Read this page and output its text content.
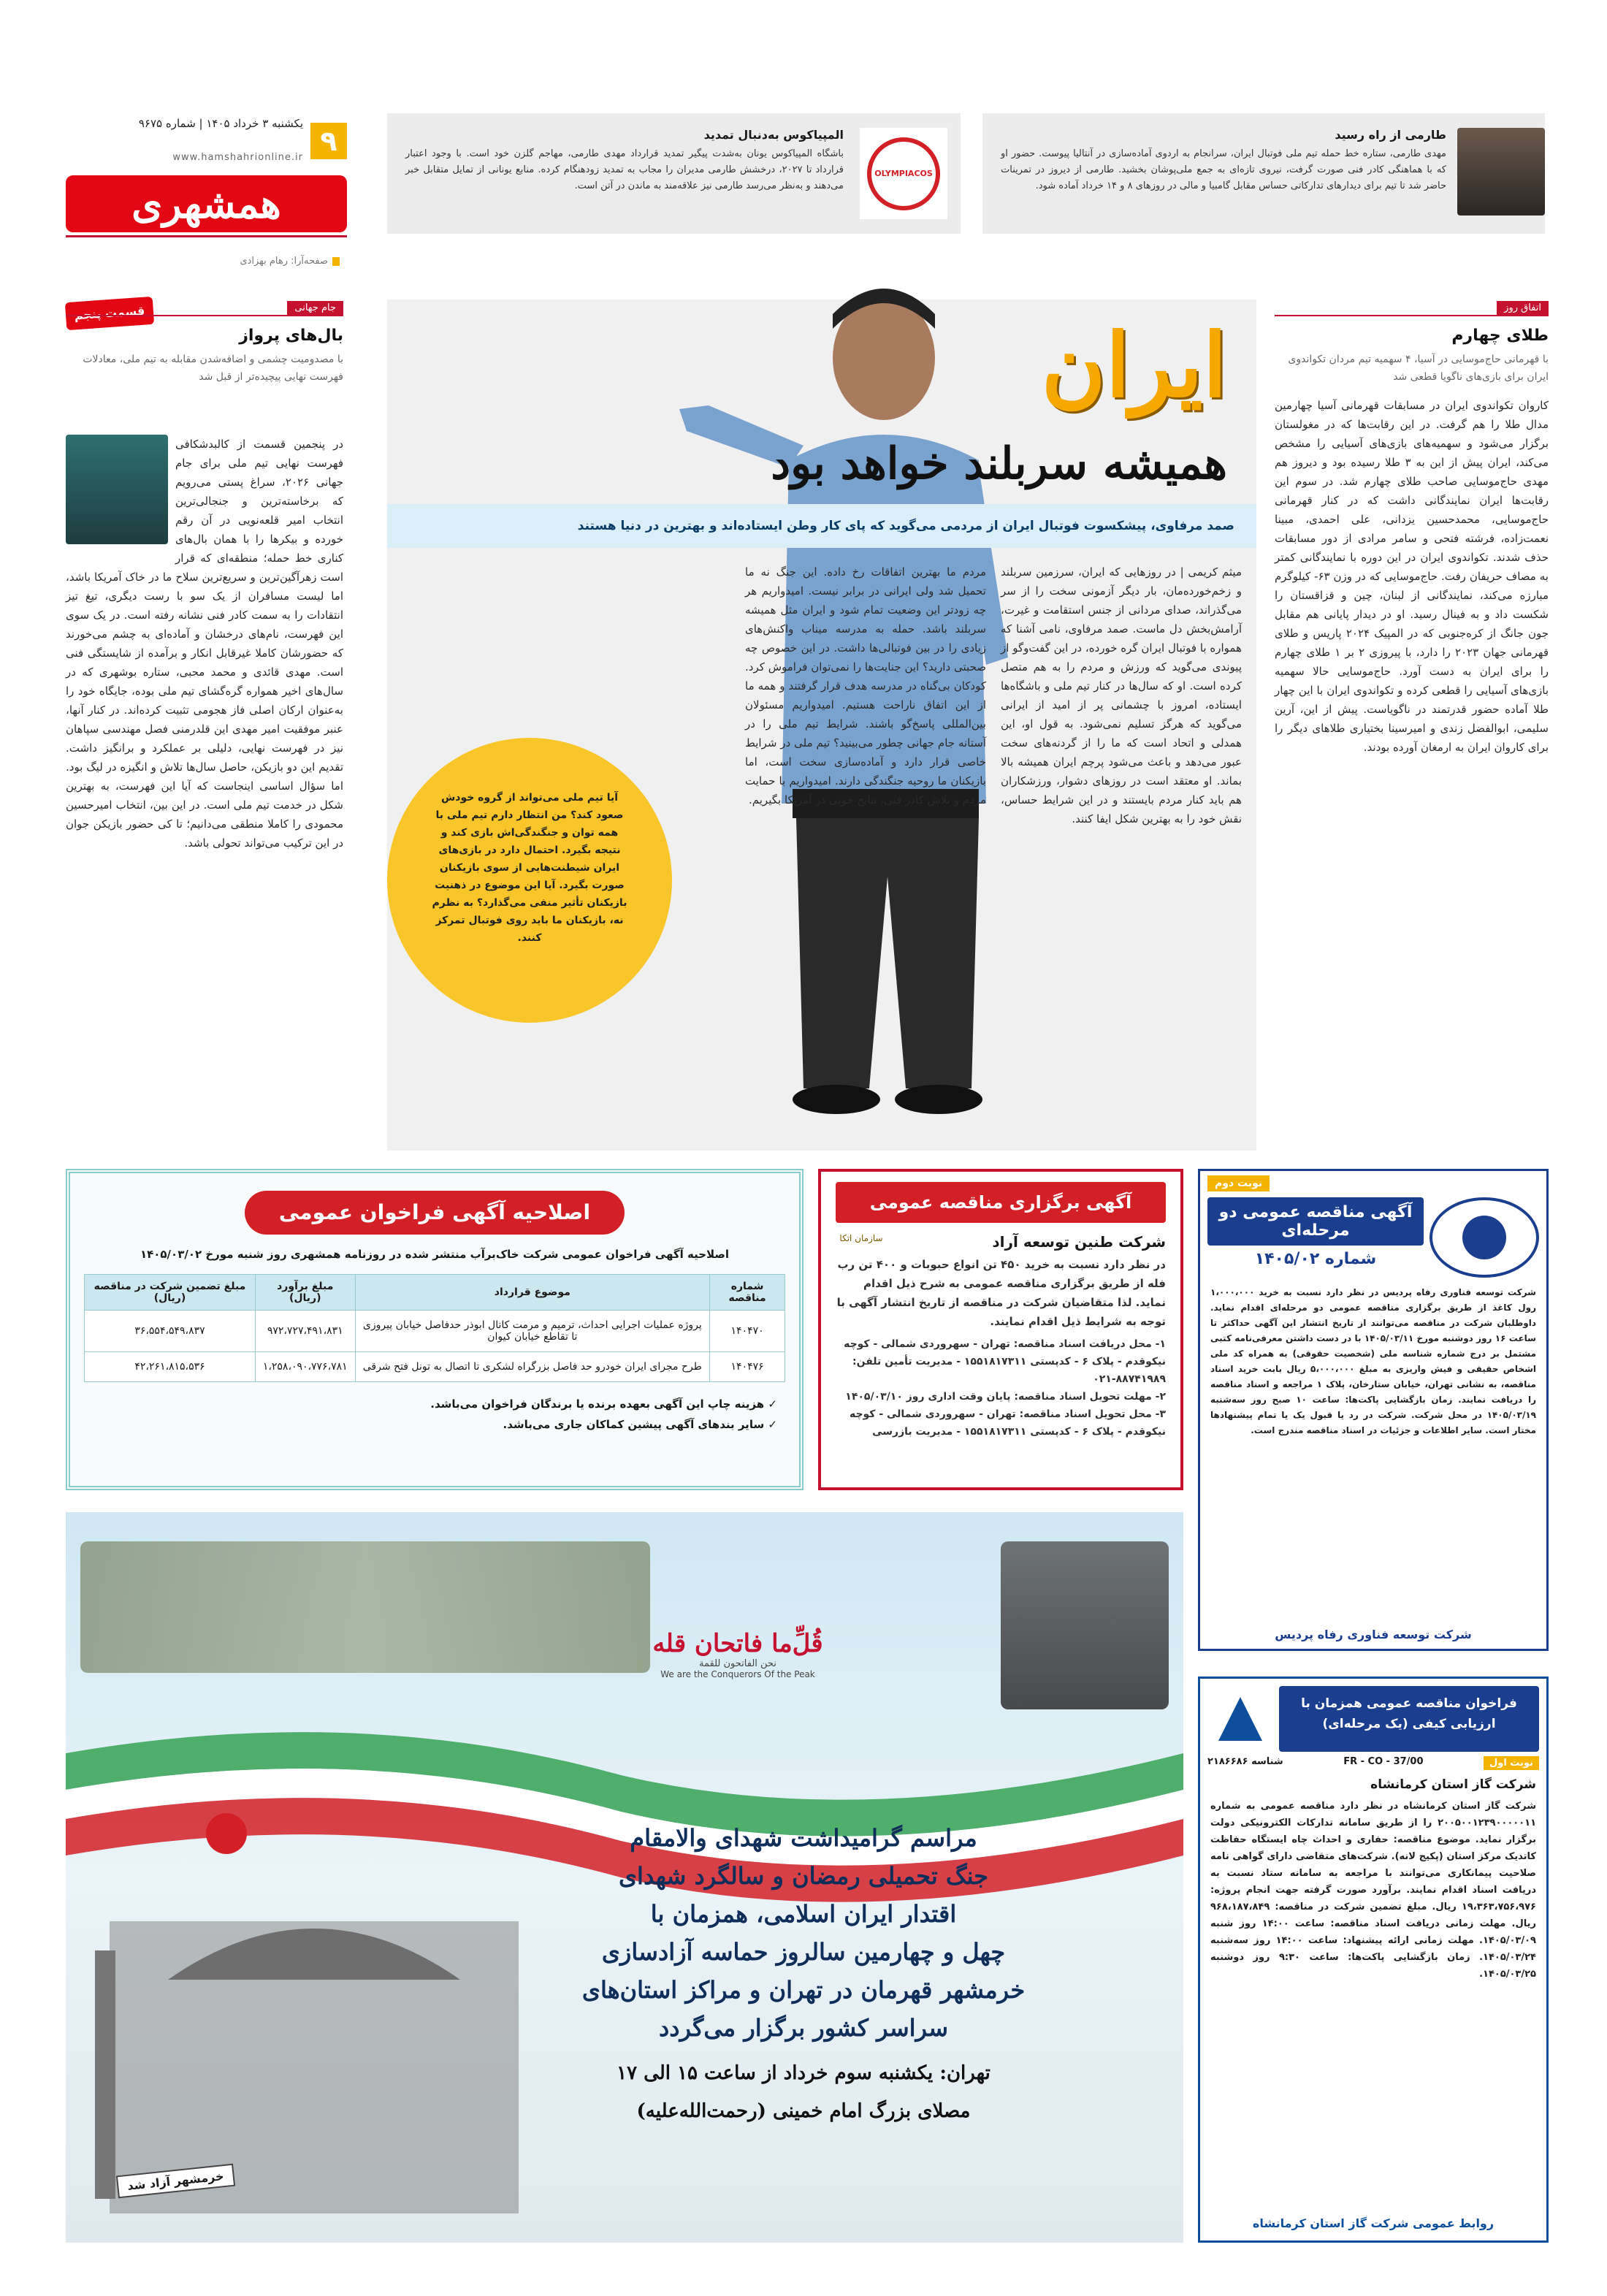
۹
یکشنبه ۳ خرداد ۱۴۰۵ | شماره ۹۶۷۵
www.hamshahrionline.ir
همشهری
طارمی از راه رسید

مهدی طارمی، ستاره خط حمله تیم ملی فوتبال ایران، سرانجام به اردوی آماده‌سازی در آنتالیا پیوست. حضور او که با هماهنگی کادر فنی صورت گرفت، نیروی تازه‌ای به جمع ملی‌پوشان بخشید. طارمی از دیروز در تمرینات حاضر شد تا تیم برای دیدارهای تدارکاتی حساس مقابل گامبیا و مالی در روزهای ۸ و ۱۴ خرداد آماده شود.

OLYMPIACOS
المپیاکوس به‌دنبال تمدید

باشگاه المپیاکوس یونان به‌شدت پیگیر تمدید قرارداد مهدی طارمی، مهاجم گلزن خود است. با وجود اعتبار قرارداد تا ۲۰۲۷، درخشش طارمی مدیران را مجاب به تمدید زودهنگام کرده. منابع یونانی از تمایل متقابل خبر می‌دهند و به‌نظر می‌رسد طارمی نیز علاقه‌مند به ماندن در آتن است.

صفحه‌آرا: رهام بهزادی
اتفاق روز
طلای چهارم
با قهرمانی حاج‌موسایی در آسیا، ۴ سهمیه تیم مردان تکواندوی ایران برای بازی‌های ناگویا قطعی شد
کاروان تکواندوی ایران در مسابقات قهرمانی آسیا چهارمین مدال طلا را هم گرفت. در این رقابت‌ها که در مغولستان برگزار می‌شود و سهمیه‌های بازی‌های آسیایی را مشخص می‌کند، ایران پیش از این به ۳ طلا رسیده بود و دیروز هم مهدی حاج‌موسایی صاحب طلای چهارم شد. در سوم این رقابت‌ها ایران نمایندگانی داشت که در کنار قهرمانی حاج‌موسایی، محمدحسین یزدانی، علی احمدی، مبینا نعمت‌زاده، فرشته فتحی و سامر مرادی از دور مسابقات حذف شدند. تکواندوی ایران در این دوره با نمایندگانی کمتر به مصاف حریفان رفت. حاج‌موسایی که در وزن ۶۳- کیلوگرم مبارزه می‌کند، نمایندگانی از لبنان، چین و قزاقستان را شکست داد و به فینال رسید. او در دیدار پایانی هم مقابل جون جانگ از کره‌جنوبی که در المپیک ۲۰۲۴ پاریس و طلای قهرمانی جهان ۲۰۲۳ را دارد، با پیروزی ۲ بر ۱ طلای چهارم را برای ایران به دست آورد. حاج‌موسایی حالا سهمیه بازی‌های آسیایی را قطعی کرده و تکواندوی ایران با این چهار طلا آماده حضور قدرتمند در ناگویاست. پیش از این، آرین سلیمی، ابوالفضل زندی و امیرسینا بختیاری طلاهای دیگر را برای کاروان ایران به ارمغان آورده بودند.
قسمت پنجم	جام جهانی
بال‌های پرواز
با مصدومیت چشمی و اضافه‌شدن مقابله به تیم ملی، معادلات فهرست نهایی پیچیده‌تر از قبل شد
در پنجمین قسمت از کالبدشکافی فهرست نهایی تیم ملی برای جام جهانی ۲۰۲۶، سراغ پستی می‌رویم که برخاسته‌ترین و جنجالی‌ترین انتخاب امیر قلعه‌نویی در آن رقم خورده و بیکرها را با همان بال‌های کناری خط حمله؛ منطقه‌ای که قرار است زهرآگین‌ترین و سریع‌ترین سلاح ما در خاک آمریکا باشد، اما لیست مسافران از یک سو با رست دیگری، تیغ تیز انتقادات را به سمت کادر فنی نشانه رفته است. در یک سوی این فهرست، نام‌های درخشان و آماده‌ای به چشم می‌خورند که حضورشان کاملا غیرقابل انکار و برآمده از شایستگی فنی است. مهدی قائدی و محمد محبی، ستاره بوشهری که در سال‌های اخیر همواره گره‌گشای تیم ملی بوده، جایگاه خود را به‌عنوان ارکان اصلی فاز هجومی تثبیت کرده‌اند. در کنار آنها، عنبر موفقیت امیر مهدی این قلدرمنی فصل مهندسی سپاهان نیز در فهرست نهایی، دلیلی بر عملکرد و برانگیز داشت. تقدیم این دو بازیکن، حاصل سال‌ها تلاش و انگیزه در لیگ بود. اما سؤال اساسی اینجاست که آیا این فهرست، به بهترین شکل در خدمت تیم ملی است. در این بین، انتخاب امیرحسین محمودی را کاملا منطقی می‌دانیم؛ تا کی حضور بازیکن جوان در این ترکیب می‌تواند تحولی باشد.
ایران
همیشه سربلند خواهد بود
صمد مرفاوی، پیشکسوت فوتبال ایران از مردمی می‌گوید که پای کار وطن ایستاده‌اند و بهترین در دنیا هستند
میثم کریمی | در روزهایی که ایران، سرزمین سربلند و زخم‌خورده‌مان، بار دیگر آزمونی سخت را از سر می‌گذراند، صدای مردانی از جنس استقامت و غیرت، آرامش‌بخش دل ماست. صمد مرفاوی، نامی آشنا که همواره با فوتبال ایران گره خورده، در این گفت‌وگو از پیوندی می‌گوید که ورزش و مردم را به هم متصل کرده است. او که سال‌ها در کنار تیم ملی و باشگاه‌ها ایستاده، امروز با چشمانی پر از امید از ایرانی می‌گوید که هرگز تسلیم نمی‌شود. به قول او، این همدلی و اتحاد است که ما را از گردنه‌های سخت عبور می‌دهد و باعث می‌شود پرچم ایران همیشه بالا بماند. او معتقد است در روزهای دشوار، ورزشکاران هم باید کنار مردم بایستند و در این شرایط حساس، نقش خود را به بهترین شکل ایفا کنند.
مردم ما بهترین اتفاقات رخ داده. این جنگ نه ما تحمیل شد ولی ایرانی در برابر نیست. امیدواریم هر چه زودتر این وضعیت تمام شود و ایران مثل همیشه سربلند باشد. حمله به مدرسه میناب واکنش‌های زیادی را در بین فوتبالی‌ها داشت. در این خصوص چه صحبتی دارید؟ این جنایت‌ها را نمی‌توان فراموش کرد. کودکان بی‌گناه در مدرسه هدف قرار گرفتند و همه ما از این اتفاق ناراحت هستیم. امیدواریم مسئولان بین‌المللی پاسخ‌گو باشند. شرایط تیم ملی را در آستانه جام جهانی چطور می‌بینید؟ تیم ملی در شرایط خاصی قرار دارد و آماده‌سازی سخت است، اما بازیکنان ما روحیه جنگندگی دارند. امیدواریم با حمایت مردم و تلاش کادر فنی، نتایج خوبی در آمریکا بگیریم.
آیا تیم ملی می‌تواند از گروه خودش صعود کند؟ من انتظار دارم تیم ملی با همه توان و جنگندگی‌اش بازی کند و نتیجه بگیرد. احتمال دارد در بازی‌های ایران شیطنت‌هایی از سوی بازیکنان صورت بگیرد. آیا این موضوع در ذهنیت بازیکنان تأثیر منفی می‌گذارد؟ به نظرم نه، بازیکنان ما باید روی فوتبال تمرکز کنند.
اصلاحیه آگهی فراخوان عمومی
اصلاحیه آگهی فراخوان عمومی شرکت خاک‌برآب منتشر شده در روزنامه همشهری روز شنبه مورخ ۱۴۰۵/۰۳/۰۲
شماره مناقصه	موضوع قرارداد	مبلغ برآورد (ریال)	مبلغ تضمین شرکت در مناقصه (ریال)
۱۴۰۴۷۰	پروژه عملیات اجرایی احداث، ترمیم و مرمت کانال ابوذر حدفاصل خیابان پیروزی تا تقاطع خیابان کیوان	۹۷۲،۷۲۷،۴۹۱،۸۳۱	۳۶،۵۵۴،۵۴۹،۸۳۷
۱۴۰۴۷۶	طرح مجرای ایران خودرو حد فاصل بزرگراه لشکری تا اتصال به تونل فتح شرقی	۱،۲۵۸،۰۹۰،۷۷۶،۷۸۱	۴۲،۲۶۱،۸۱۵،۵۳۶
✓ هزینه چاپ این آگهی بعهده برنده یا برندگان فراخوان می‌باشد.
✓ سایر بندهای آگهی پیشین کماکان جاری می‌باشد.
آگهی برگزاری مناقصه عمومی
سازمان اتکا	شرکت طنین توسعه آراد
در نظر دارد نسبت به خرید ۴۵۰ تن انواع حبوبات و ۴۰۰ تن رب فله از طریق برگزاری مناقصه عمومی به شرح ذیل اقدام نماید. لذا متقاضیان شرکت در مناقصه از تاریخ انتشار آگهی با توجه به شرایط ذیل اقدام نمایند.
۱- محل دریافت اسناد مناقصه: تهران - سهروردی شمالی - کوچه نیکوقدم - پلاک ۶ - کدپستی ۱۵۵۱۸۱۷۳۱۱ - مدیریت تأمین تلفن: ۸۸۷۴۱۹۸۹-۰۲۱
۲- مهلت تحویل اسناد مناقصه: پایان وقت اداری روز ۱۴۰۵/۰۳/۱۰
۳- محل تحویل اسناد مناقصه: تهران - سهروردی شمالی - کوچه نیکوقدم - پلاک ۶ - کدپستی ۱۵۵۱۸۱۷۳۱۱ - مدیریت بازرسی
نوبت دوم
آگهی مناقصه عمومی دو مرحله‌ای
شماره ۱۴۰۵/۰۲
شرکت توسعه فناوری رفاه پردیس در نظر دارد نسبت به خرید ۱،۰۰۰،۰۰۰ رول کاغذ از طریق برگزاری مناقصه عمومی دو مرحله‌ای اقدام نماید. داوطلبان شرکت در مناقصه می‌توانند از تاریخ انتشار این آگهی حداکثر تا ساعت ۱۶ روز دوشنبه مورخ ۱۴۰۵/۰۳/۱۱ با در دست داشتن معرفی‌نامه کتبی مشتمل بر درج شماره شناسه ملی (شخصیت حقوقی) به همراه کد ملی اشخاص حقیقی و فیش واریزی به مبلغ ۵،۰۰۰،۰۰۰ ریال بابت خرید اسناد مناقصه، به نشانی تهران، خیابان ستارخان، پلاک ۱ مراجعه و اسناد مناقصه را دریافت نمایند. زمان بازگشایی پاکت‌ها: ساعت ۱۰ صبح روز سه‌شنبه ۱۴۰۵/۰۳/۱۹ در محل شرکت. شرکت در رد یا قبول یک یا تمام پیشنهادها مختار است. سایر اطلاعات و جزئیات در اسناد مناقصه مندرج است.
شرکت توسعه فناوری رفاه پردیس
قُلِّ‌ما فاتحان قله
نحن الفاتحون للقمة
We are the Conquerors Of the Peak
مراسم گرامیداشت شهدای والامقام
جنگ تحمیلی رمضان و سالگرد شهدای
اقتدار ایران اسلامی، همزمان با
چهل و چهارمین سالروز حماسه آزادسازی
خرمشهر قهرمان در تهران و مراکز استان‌های
سراسر کشور برگزار می‌گردد
تهران: یکشنبه سوم خرداد از ساعت ۱۵ الی ۱۷
مصلای بزرگ امام خمینی (رحمت‌الله‌علیه)
خرمشهر آزاد شد
فراخوان مناقصه عمومی همزمان با ارزیابی کیفی (یک مرحله‌ای)
نوبت اول
FR - CO - 37/00
شناسه ۲۱۸۶۶۸۶
شرکت گاز استان کرمانشاه
شرکت گاز استان کرمانشاه در نظر دارد مناقصه عمومی به شماره ۲۰۰۵۰۰۱۲۳۹۰۰۰۰۰۱۱ را از طریق سامانه تدارکات الکترونیکی دولت برگزار نماید. موضوع مناقصه: حفاری و احداث چاه ایستگاه حفاظت کاتدیک مرکز استان (پکیج لانه). شرکت‌های متقاضی دارای گواهی نامه صلاحیت پیمانکاری می‌توانند با مراجعه به سامانه ستاد نسبت به دریافت اسناد اقدام نمایند. برآورد صورت گرفته جهت انجام پروژه: ۱۹،۳۶۳،۷۵۶،۹۷۶ ریال. مبلغ تضمین شرکت در مناقصه: ۹۶۸،۱۸۷،۸۴۹ ریال. مهلت زمانی دریافت اسناد مناقصه: ساعت ۱۴:۰۰ روز شنبه ۱۴۰۵/۰۳/۰۹. مهلت زمانی ارائه پیشنهاد: ساعت ۱۴:۰۰ روز سه‌شنبه ۱۴۰۵/۰۳/۲۴. زمان بازگشایی پاکت‌ها: ساعت ۹:۳۰ روز دوشنبه ۱۴۰۵/۰۳/۲۵.
روابط عمومی شرکت گاز استان کرمانشاه
